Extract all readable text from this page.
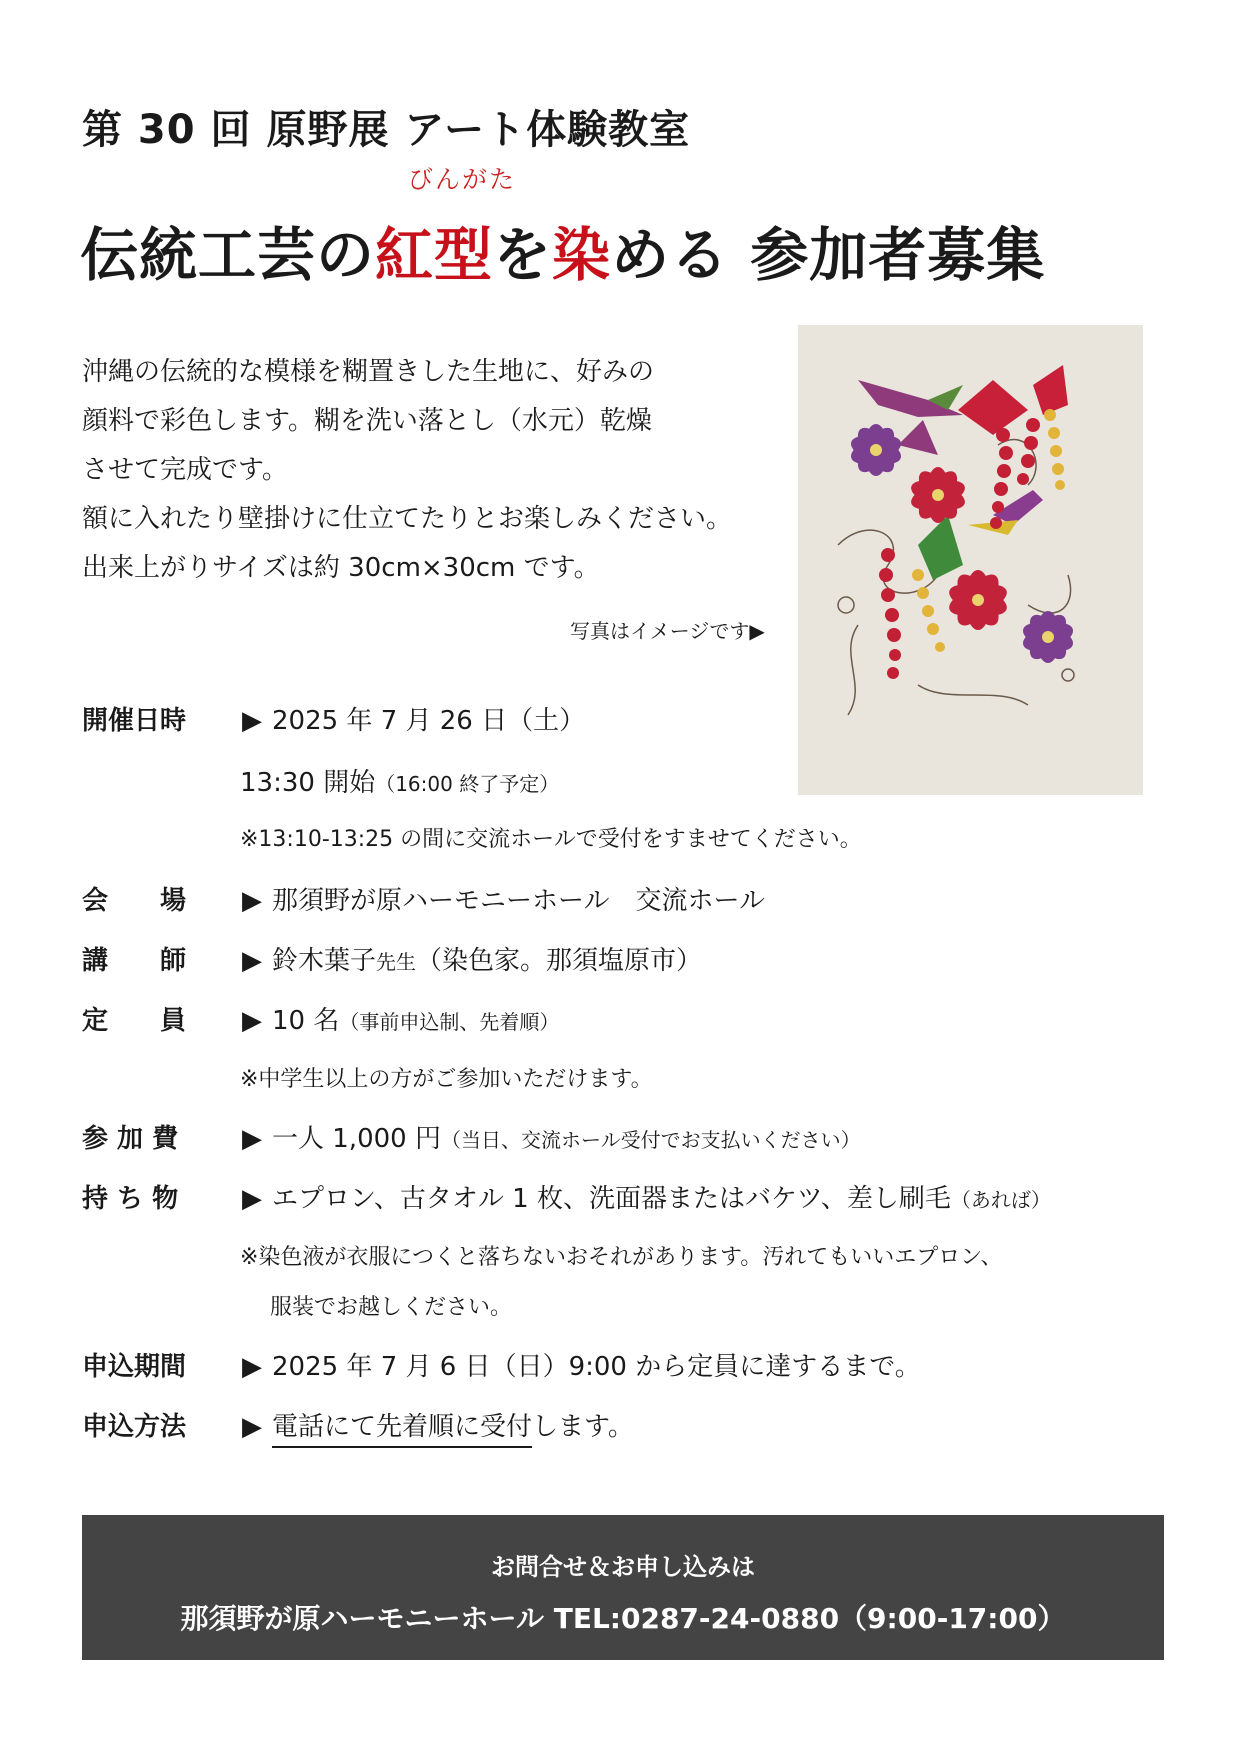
第 30 回 原野展 アート体験教室
びんがた
伝統工芸の紅型を染める 参加者募集
沖縄の伝統的な模様を糊置きした生地に、好みの
顔料で彩色します。糊を洗い落とし（水元）乾燥
させて完成です。
額に入れたり壁掛けに仕立てたりとお楽しみください。
出来上がりサイズは約 30cm×30cm です。
写真はイメージです▶
開催日時 ▶ 2025 年 7 月 26 日（土）
13:30 開始（16:00 終了予定）
※13:10-13:25 の間に交流ホールで受付をすませてください。
会　　場 ▶ 那須野が原ハーモニーホール　交流ホール
講　　師 ▶ 鈴木葉子先生（染色家。那須塩原市）
定　　員 ▶ 10 名（事前申込制、先着順）
※中学生以上の方がご参加いただけます。
参 加 費 ▶ 一人 1,000 円（当日、交流ホール受付でお支払いください）
持 ち 物 ▶ エプロン、古タオル 1 枚、洗面器またはバケツ、差し刷毛（あれば）
※染色液が衣服につくと落ちないおそれがあります。汚れてもいいエプロン、
服装でお越しください。
申込期間 ▶ 2025 年 7 月 6 日（日）9:00 から定員に達するまで。
申込方法 ▶ 電話にて先着順に受付します。
お問合せ＆お申し込みは
那須野が原ハーモニーホール TEL:0287-24-0880（9:00-17:00）
